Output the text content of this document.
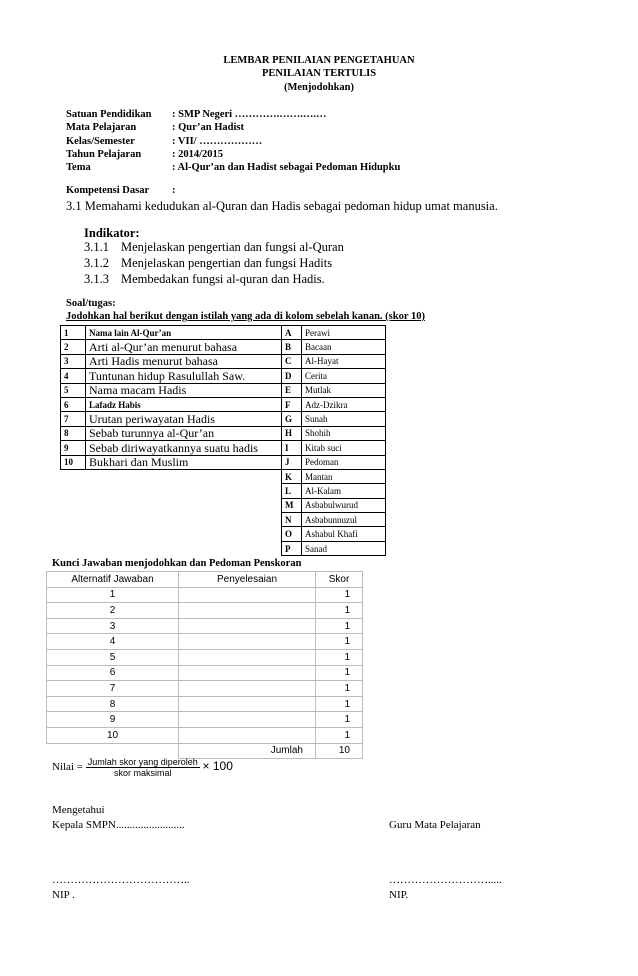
LEMBAR PENILAIAN PENGETAHUAN
PENILAIAN TERTULIS
(Menjodohkan)
Satuan Pendidikan : SMP Negeri ………….…….….…
Mata Pelajaran	: Qur’an Hadist
Kelas/Semester	: VII/ ………………
Tahun Pelajaran	: 2014/2015
Tema	: Al-Qur’an dan Hadist sebagai Pedoman Hidupku
Kompetensi Dasar :
3.1 Memahami kedudukan al-Quran dan Hadis sebagai pedoman hidup umat manusia.
Indikator:
3.1.1 Menjelaskan pengertian dan fungsi al-Quran
3.1.2 Menjelaskan pengertian dan fungsi Hadits
3.1.3 Membedakan fungsi al-quran dan Hadis.
Soal/tugas:
Jodohkan hal berikut dengan istilah yang ada di kolom sebelah kanan. (skor 10)
1	Nama lain Al-Qur’an	A	Perawi
2	Arti al-Qur’an menurut bahasa	B	Bacaan
3	Arti Hadis menurut bahasa	C	Al-Hayat
4	Tuntunan hidup Rasulullah Saw.	D	Cerita
5	Nama macam Hadis	E	Mutlak
6	Lafadz Habis	F	Adz-Dzikra
7	Urutan periwayatan Hadis	G	Sunah
8	Sebab turunnya al-Qur’an	H	Shohih
9	Sebab diriwayatkannya suatu hadis	I	Kitab suci
10	Bukhari dan Muslim	J	Pedoman
		K	Mantan
		L	Al-Kalam
		M	Asbabulwurud
		N	Asbabunnuzul
		O	Ashabul Khafi
		P	Sanad
Kunci Jawaban menjodohkan dan Pedoman Penskoran
Alternatif Jawaban	Penyelesaian	Skor
1		1
2		1
3		1
4		1
5		1
6		1
7		1
8		1
9		1
10		1
	Jumlah	10
Nilai = $\frac{\text{Jumlah skor yang diperoleh}}{\text{skor maksimal}} \times 100$
Mengetahui
Kepala SMPN.........................	Guru Mata Pelajaran
………………………………..	……………………….....
NIP .	NIP.
